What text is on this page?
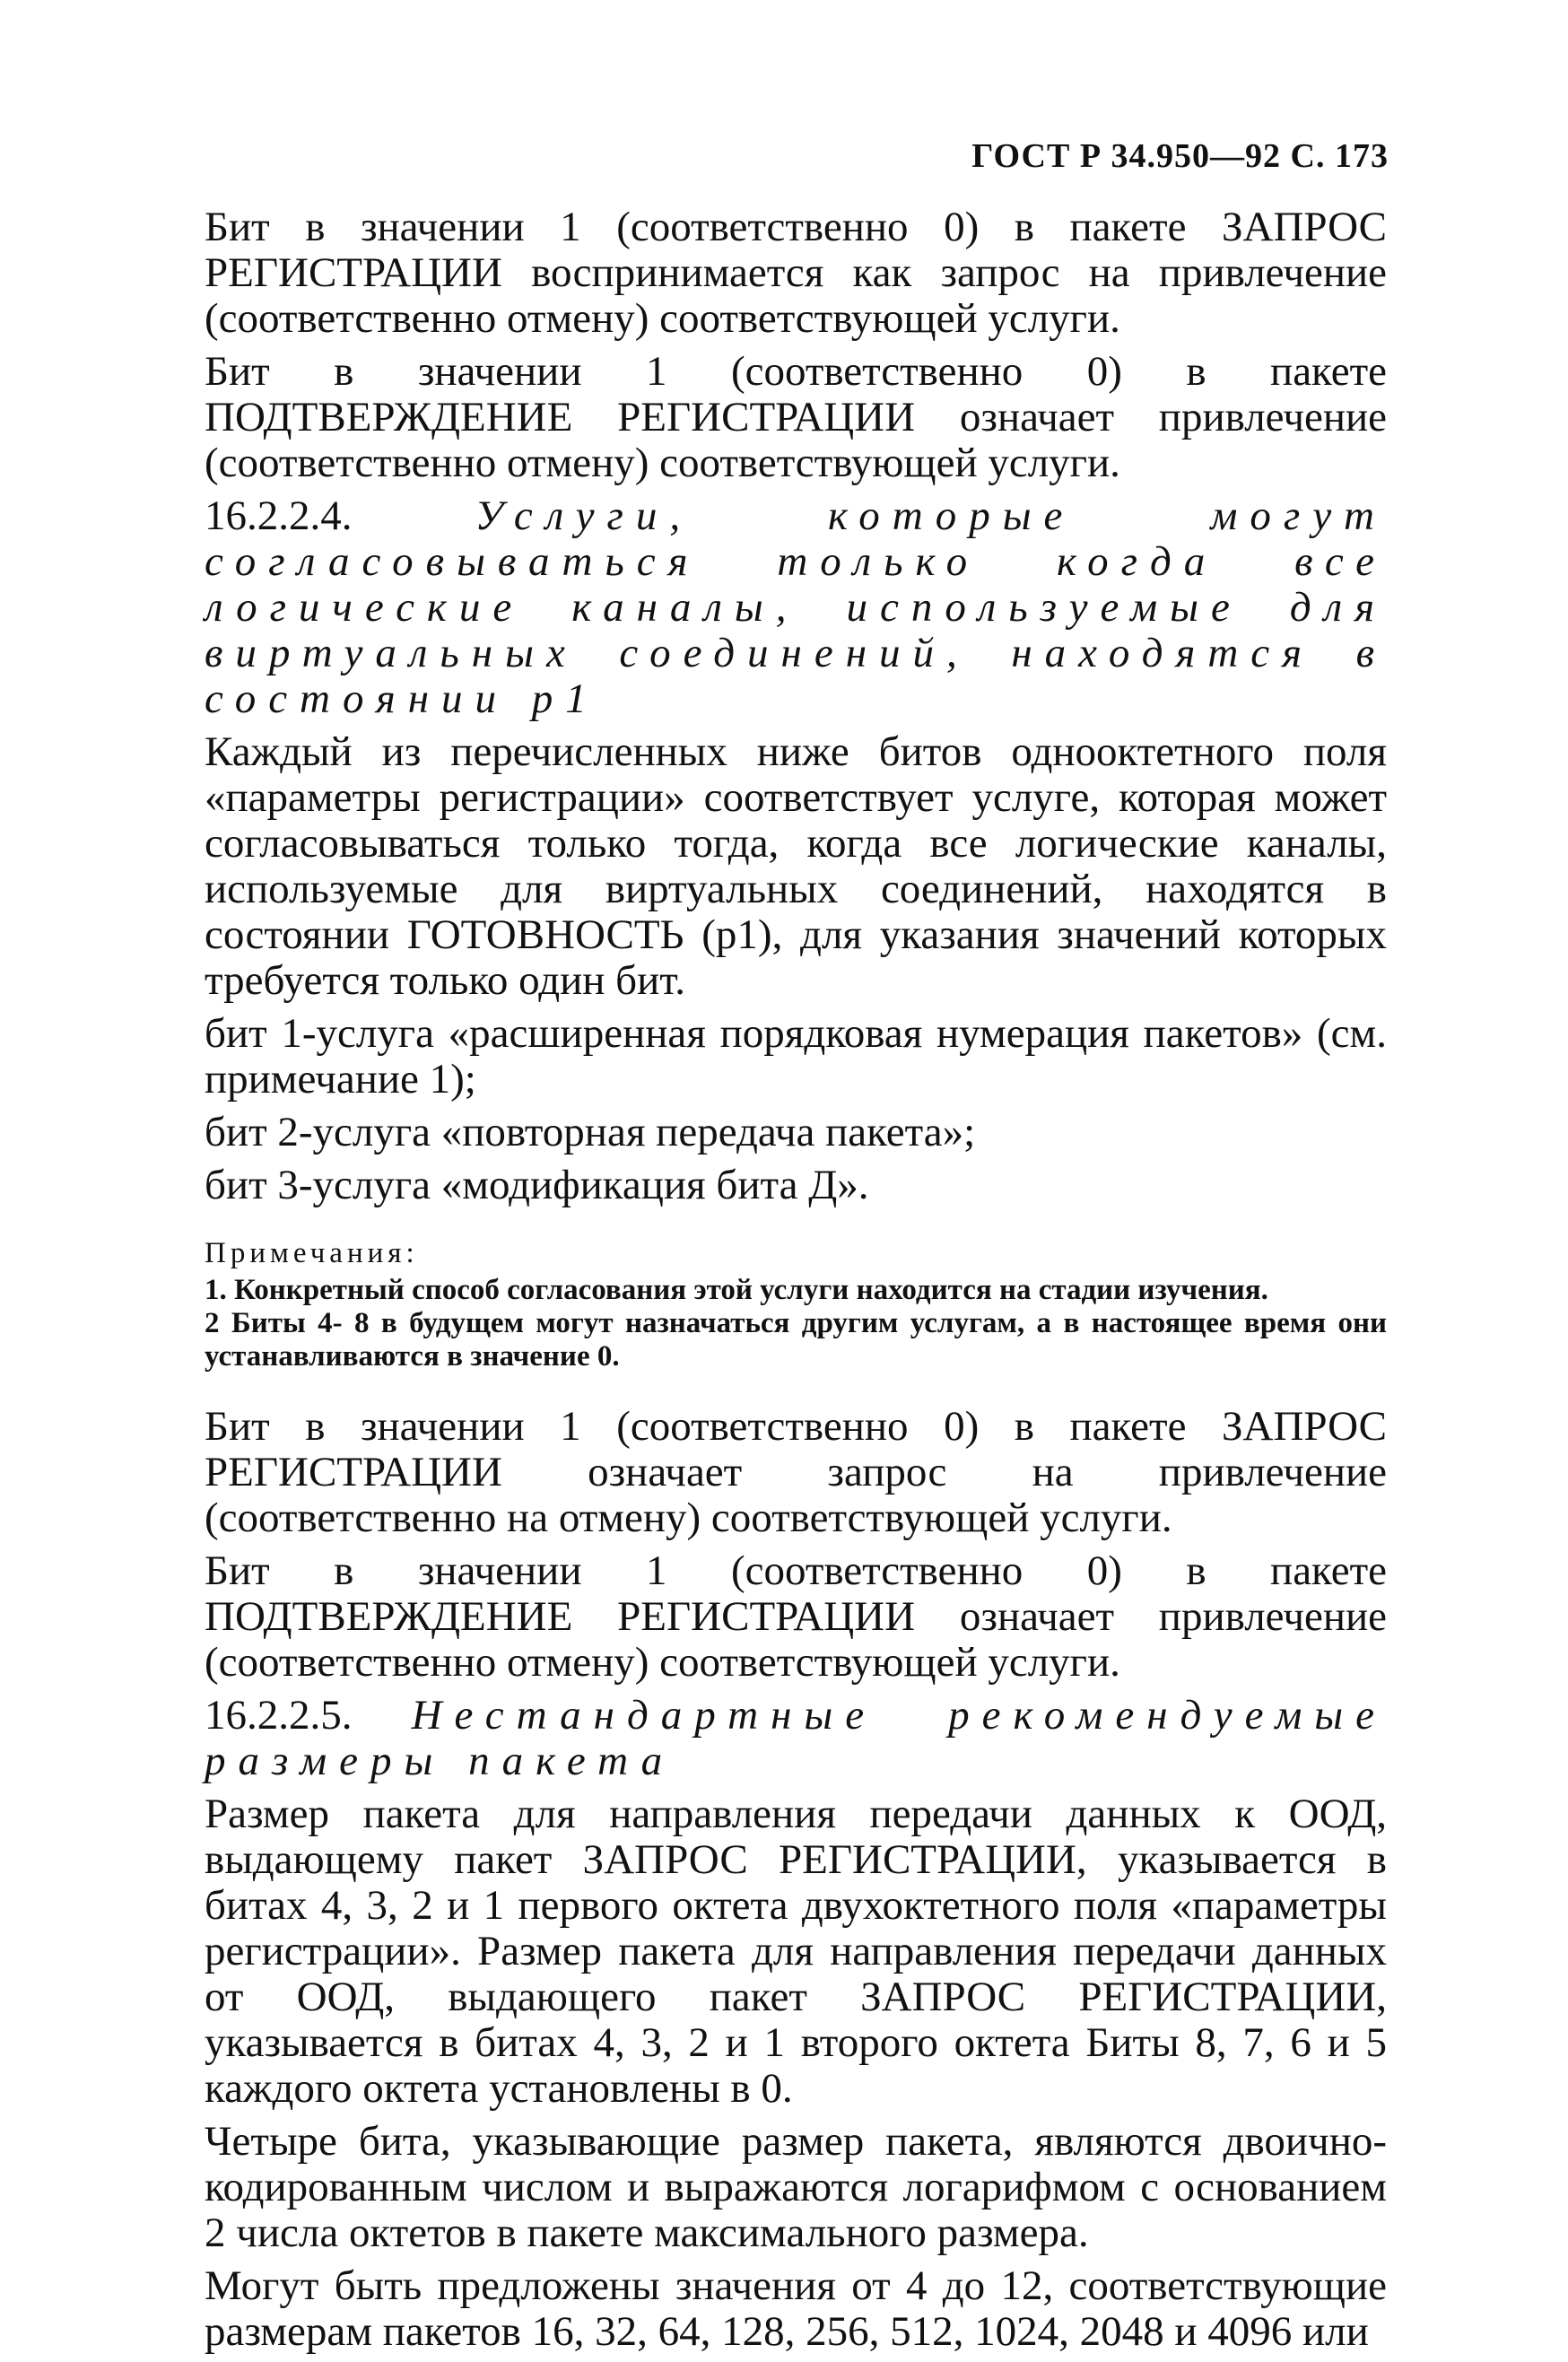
ГОСТ Р 34.950—92 С. 173

Бит в значении 1 (соответственно 0) в пакете ЗАПРОС РЕГИСТРАЦИИ воспринимается как запрос на привлечение (соответственно отмену) соответствующей услуги.

Бит в значении 1 (соответственно 0) в пакете ПОДТВЕРЖДЕНИЕ РЕГИСТРАЦИИ означает привлечение (соответственно отмену) соответствующей услуги.

16.2.2.4.	Услуги, которые могут согласовываться только когда все логические каналы, используемые для виртуальных соединений, находятся в состоянии p1

Каждый из перечисленных ниже битов однооктетного поля «параметры регистрации» соответствует услуге, которая может согласовываться только тогда, когда все логические каналы, используемые для виртуальных соединений, находятся в состоянии ГОТОВНОСТЬ (p1), для указания значений которых требуется только один бит.

бит 1-услуга «расширенная порядковая нумерация пакетов» (см. примечание 1);

бит 2-услуга «повторная передача пакета»;

бит 3-услуга «модификация бита Д».

Примечания:

1. Конкретный способ согласования этой услуги находится на стадии изучения.

2 Биты 4- 8 в будущем могут назначаться другим услугам, а в настоящее время они устанавливаются в значение 0.

Бит в значении 1 (соответственно 0) в пакете ЗАПРОС РЕГИСТРАЦИИ означает запрос на привлечение (соответственно на отмену) соответствующей услуги.

Бит в значении 1 (соответственно 0) в пакете ПОДТВЕРЖДЕНИЕ РЕГИСТРАЦИИ означает привлечение (соответственно отмену) соответствующей услуги.

16.2.2.5. Нестандартные рекомендуемые размеры пакета

Размер пакета для направления передачи данных к ООД, выдающему пакет ЗАПРОС РЕГИСТРАЦИИ, указывается в битах 4, 3, 2 и 1 первого октета двухоктетного поля «параметры регистрации». Размер пакета для направления передачи данных от ООД, выдающего пакет ЗАПРОС РЕГИСТРАЦИИ, указывается в битах 4, 3, 2 и 1 второго октета Биты 8, 7, 6 и 5 каждого октета установлены в 0.

Четыре бита, указывающие размер пакета, являются двоично-кодированным числом и выражаются логарифмом с основанием 2 числа октетов в пакете максимального размера.

Могут быть предложены значения от 4 до 12, соответствующие размерам пакетов 16, 32, 64, 128, 256, 512, 1024, 2048 и 4096 или
